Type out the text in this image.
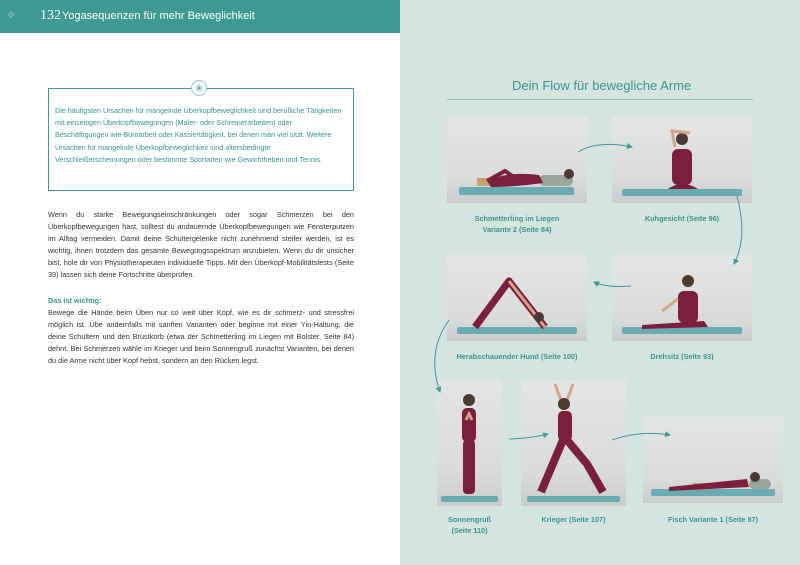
✧ 132 Yogasequenzen für mehr Beweglichkeit

Die häufigsten Ursachen für mangelnde Überkopfbeweglichkeit sind berufliche Tätigkeiten mit einseitigen Überkopfbewegungen (Maler- oder Schreinerarbeiten) oder Beschäftigungen wie Büroarbeit oder Kassiertätigkeit, bei denen man viel sitzt. Weitere Ursachen für mangelnde Überkopfbeweglichkeit sind altersbedingte Verschleißerscheinungen oder bestimmte Sportarten wie Gewichtheben und Tennis.

❀

Wenn du starke Bewegungseinschränkungen oder sogar Schmerzen bei den Überkopfbewegungen hast, solltest du andauernde Überkopfbewegungen wie Fensterputzen im Alltag vermeiden. Damit deine Schultergelenke nicht zunehmend steifer werden, ist es wichtig, ihnen trotzdem das gesamte Bewegungsspektrum anzubieten. Wenn du dir unsicher bist, hole dir von Physiotherapeuten individuelle Tipps. Mit den Überkopf-Mobilitätstests (Seite 39) lassen sich deine Fortschritte überprüfen.

Das ist wichtig:

Bewege die Hände beim Üben nur so weit über Kopf, wie es dir schmerz- und stressfrei möglich ist. Übe andernfalls mit sanften Varianten oder beginne mit einer Yin-Haltung, die deine Schultern und den Brustkorb (etwa der Schmetterling im Liegen mit Bolster, Seite 84) dehnt. Bei Schmerzen wähle im Krieger und beim Sonnengruß zunächst Varianten, bei denen du die Arme nicht über Kopf hebst, sondern an den Rücken legst.

Dein Flow für bewegliche Arme

Schmetterling im Liegen
Variante 2 (Seite 84)

Kuhgesicht (Seite 96)

Herabschauender Hund (Seite 100)	Drehsitz (Seite 93)

Sonnengruß
(Seite 110)

Krieger (Seite 107)	Fisch Variante 1 (Seite 87)
